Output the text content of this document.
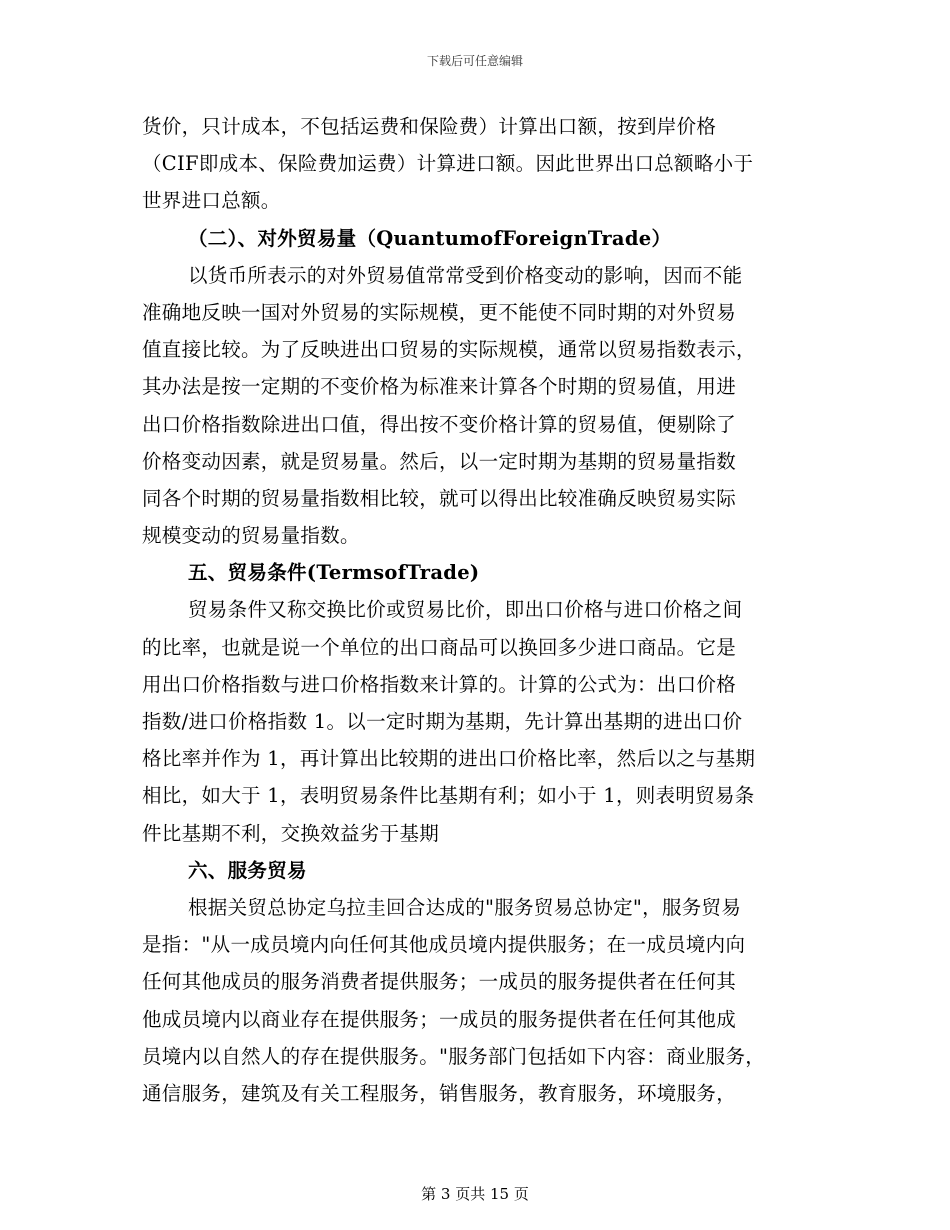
下载后可任意编辑
货价，只计成本，不包括运费和保险费）计算出口额，按到岸价格
（CIF即成本、保险费加运费）计算进口额。因此世界出口总额略小于
世界进口总额。
（二）、对外贸易量（QuantumofForeignTrade）
以货币所表示的对外贸易值常常受到价格变动的影响，因而不能
准确地反映一国对外贸易的实际规模，更不能使不同时期的对外贸易
值直接比较。为了反映进出口贸易的实际规模，通常以贸易指数表示，
其办法是按一定期的不变价格为标准来计算各个时期的贸易值，用进
出口价格指数除进出口值，得出按不变价格计算的贸易值，便剔除了
价格变动因素，就是贸易量。然后，以一定时期为基期的贸易量指数
同各个时期的贸易量指数相比较，就可以得出比较准确反映贸易实际
规模变动的贸易量指数。
五、贸易条件(TermsofTrade)
贸易条件又称交换比价或贸易比价，即出口价格与进口价格之间
的比率，也就是说一个单位的出口商品可以换回多少进口商品。它是
用出口价格指数与进口价格指数来计算的。计算的公式为：出口价格
指数/进口价格指数 1。以一定时期为基期，先计算出基期的进出口价
格比率并作为 1，再计算出比较期的进出口价格比率，然后以之与基期
相比，如大于 1，表明贸易条件比基期有利；如小于 1，则表明贸易条
件比基期不利，交换效益劣于基期
六、服务贸易
根据关贸总协定乌拉圭回合达成的"服务贸易总协定"，服务贸易
是指："从一成员境内向任何其他成员境内提供服务；在一成员境内向
任何其他成员的服务消费者提供服务；一成员的服务提供者在任何其
他成员境内以商业存在提供服务；一成员的服务提供者在任何其他成
员境内以自然人的存在提供服务。"服务部门包括如下内容：商业服务，
通信服务，建筑及有关工程服务，销售服务，教育服务，环境服务，
第 3 页共 15 页
